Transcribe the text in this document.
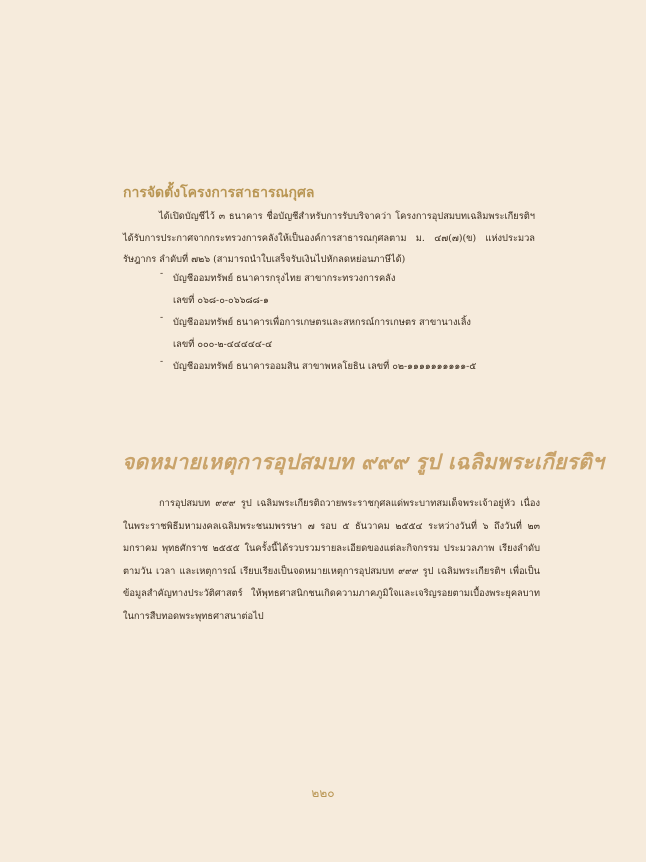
การจัดตั้งโครงการสาธารณกุศล

ได้เปิดบัญชีไว้ ๓ ธนาคาร ชื่อบัญชีสำหรับการรับบริจาคว่า โครงการอุปสมบทเฉลิมพระเกียรติฯ ได้รับการประกาศจากกระทรวงการคลังให้เป็นองค์การสาธารณกุศลตาม ม. ๔๗(๗)(ข) แห่งประมวลรัษฎากร ลำดับที่ ๗๒๖ (สามารถนำใบเสร็จรับเงินไปหักลดหย่อนภาษีได้)

- บัญชีออมทรัพย์ ธนาคารกรุงไทย สาขากระทรวงการคลัง
เลขที่ ๐๖๘-๐-๐๖๖๘๘-๑
- บัญชีออมทรัพย์ ธนาคารเพื่อการเกษตรและสหกรณ์การเกษตร สาขานางเลิ้ง
เลขที่ ๐๐๐-๒-๔๔๔๔๔-๔
- บัญชีออมทรัพย์ ธนาคารออมสิน สาขาพหลโยธิน เลขที่ ๐๒-๑๑๑๑๑๑๑๑๑๑-๕
จดหมายเหตุการอุปสมบท ๙๙๙ รูป เฉลิมพระเกียรติฯ

การอุปสมบท ๙๙๙ รูป เฉลิมพระเกียรติถวายพระราชกุศลแด่พระบาทสมเด็จพระเจ้าอยู่หัว เนื่องในพระราชพิธีมหามงคลเฉลิมพระชนมพรรษา ๗ รอบ ๕ ธันวาคม ๒๕๕๔ ระหว่างวันที่ ๖ ถึงวันที่ ๒๓ มกราคม พุทธศักราช ๒๕๕๕ ในครั้งนี้ได้รวบรวมรายละเอียดของแต่ละกิจกรรม ประมวลภาพ เรียงลำดับตามวัน เวลา และเหตุการณ์ เรียบเรียงเป็นจดหมายเหตุการอุปสมบท ๙๙๙ รูป เฉลิมพระเกียรติฯ เพื่อเป็นข้อมูลสำคัญทางประวัติศาสตร์ ให้พุทธศาสนิกชนเกิดความภาคภูมิใจและเจริญรอยตามเบื้องพระยุคลบาทในการสืบทอดพระพุทธศาสนาต่อไป

๒๒๐
